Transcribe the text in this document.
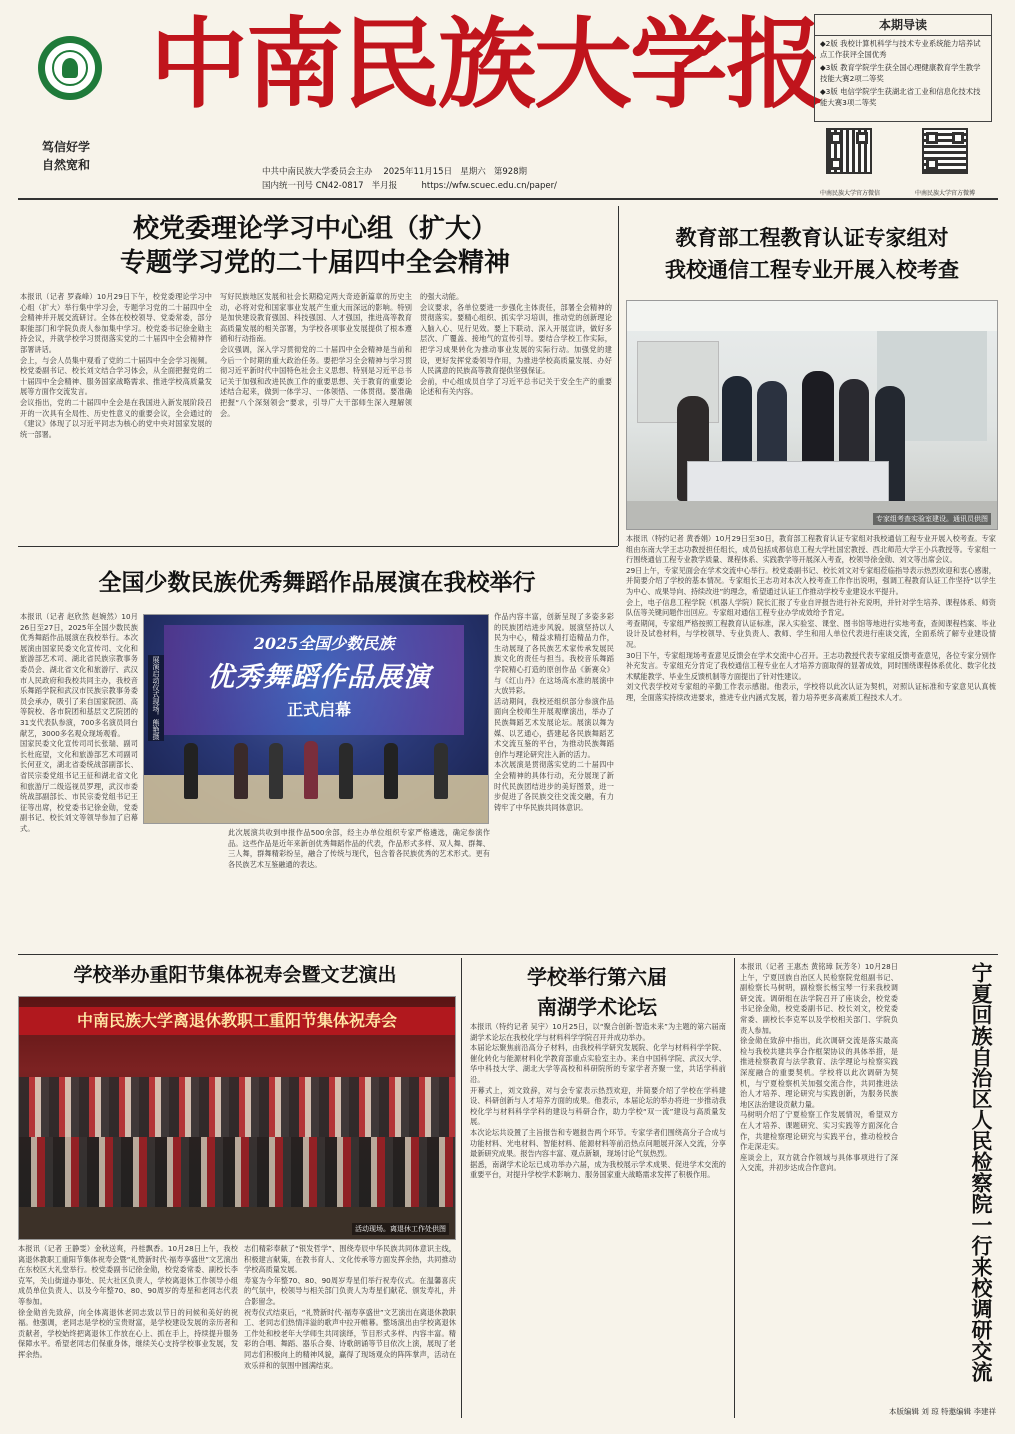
中南民族大学报
笃信好学
自然宽和	中共中南民族大学委员会主办 2025年11月15日 星期六 第928期
国内统一刊号 CN42-0817 半月报	https://wfw.scuec.edu.cn/paper/
本期导读
◆2版 我校计算机科学与技术专业系统能力培养试点工作获评全国优秀
◆3版 教育学院学生获全国心理健康教育学生教学技能大赛2项二等奖
◆3版 电信学院学生获湖北省工业和信息化技术技能大赛3项二等奖
中南民族大学官方微信	中南民族大学官方微博
校党委理论学习中心组（扩大）
专题学习党的二十届四中全会精神
本报讯（记者 罗森峰）10月29日下午，校党委理论学习中心组（扩大）举行集中学习会，专题学习党的二十届四中全会精神并开展交流研讨。全体在校校领导、党委常委，部分职能部门和学院负责人参加集中学习。校党委书记徐金勋主持会议，并就学校学习贯彻落实党的二十届四中全会精神作部署讲话。
会上，与会人员集中观看了党的二十届四中全会学习视频。校党委副书记、校长刘文结合学习体会，从全面把握党的二十届四中全会精神、服务国家战略需求、推进学校高质量发展等方面作交流发言。
会议指出，党的二十届四中全会是在我国进入新发展阶段召开的一次具有全局性、历史性意义的重要会议，全会通过的《建议》体现了以习近平同志为核心的党中央对国家发展的统一部署。
写好民族地区发展和社会长期稳定两大奇迹新篇章的历史主动，必将对党和国家事业发展产生重大而深远的影响。特别是加快建设教育强国、科技强国、人才强国，推进高等教育高质量发展的相关部署，为学校各项事业发展提供了根本遵循和行动指南。
会议强调，深入学习贯彻党的二十届四中全会精神是当前和今后一个时期的重大政治任务。要把学习全会精神与学习贯彻习近平新时代中国特色社会主义思想、特别是习近平总书记关于加强和改进民族工作的重要思想、关于教育的重要论述结合起来，做到一体学习、一体领悟、一体贯彻。要准确把握“八个深刻领会”要求，引导广大干部师生深入理解领会。
的强大动能。
会议要求，各单位要进一步强化主体责任，部署全会精神的贯彻落实。要精心组织、抓实学习培训，推动党的创新理论入脑入心、见行见效。要上下联动、深入开展宣讲，做好多层次、广覆盖、接地气的宣传引导。要结合学校工作实际，把学习成果转化为推动事业发展的实际行动。加强党的建设，更好发挥党委领导作用，为推进学校高质量发展、办好人民满意的民族高等教育提供坚强保证。
会前，中心组成员自学了习近平总书记关于安全生产的重要论述和有关内容。
教育部工程教育认证专家组对
我校通信工程专业开展入校考查
专家组考查实验室建设。通讯员供图
本报讯（特约记者 黄香娟）10月29日至30日，教育部工程教育认证专家组对我校通信工程专业开展入校考查。专家组由东南大学王志功教授担任组长，成员包括成都信息工程大学杜国宏教授、西北师范大学王小兵教授等。专家组一行围绕通信工程专业教学质量、课程体系、实践教学等开展深入考查，校领导徐金勋、刘文等出席会议。
29日上午，专家见面会在学术交流中心举行。校党委副书记、校长刘文对专家组莅临指导表示热烈欢迎和衷心感谢，并简要介绍了学校的基本情况。专家组长王志功对本次入校考查工作作出说明，强调工程教育认证工作坚持“以学生为中心、成果导向、持续改进”的理念，希望通过认证工作推动学校专业建设水平提升。
会上，电子信息工程学院（机器人学院）院长汇报了专业自评报告进行补充说明，并针对学生培养、课程体系、师资队伍等关键问题作出回应。专家组对通信工程专业办学成效给予肯定。
考查期间，专家组严格按照工程教育认证标准，深入实验室、课堂、图书馆等地进行实地考查，查阅课程档案、毕业设计及试卷材料，与学校领导、专业负责人、教师、学生和用人单位代表进行座谈交流，全面系统了解专业建设情况。
30日下午，专家组现场考查意见反馈会在学术交流中心召开。王志功教授代表专家组反馈考查意见，各位专家分别作补充发言。专家组充分肯定了我校通信工程专业在人才培养方面取得的显著成效，同时围绕课程体系优化、数字化技术赋能教学、毕业生反馈机制等方面提出了针对性建议。
刘文代表学校对专家组的辛勤工作表示感谢。他表示，学校将以此次认证为契机，对照认证标准和专家意见认真梳理，全面落实持续改进要求，推进专业内涵式发展，着力培养更多高素质工程技术人才。
全国少数民族优秀舞蹈作品展演在我校举行
本报讯（记者 赵欣然 赵婉然）10月26日至27日，2025年全国少数民族优秀舞蹈作品展演在我校举行。本次展演由国家民委文化宣传司、文化和旅游部艺术司、湖北省民族宗教事务委员会、湖北省文化和旅游厅、武汉市人民政府和我校共同主办，我校音乐舞蹈学院和武汉市民族宗教事务委员会承办，吸引了来自国家院团、高等院校、各市院团和基层文艺院团的31支代表队参演，700多名演员同台献艺，3000多名观众现场观看。
国家民委文化宣传司司长张瑞、副司长杜庭望，文化和旅游部艺术司副司长何亚文，湖北省委统战部副部长、省民宗委党组书记王征和湖北省文化和旅游厅二级巡视员罗理，武汉市委统战部副部长、市民宗委党组书记王征等出席，校党委书记徐金勋，党委副书记、校长刘文等领导参加了启幕式。
2025全国少数民族
优秀舞蹈作品展演
正式启幕
展演启动仪式现场。熊艳摄
此次展演共收到申报作品500余部，经主办单位组织专家严格遴选，确定参演作品。这些作品是近年来新创优秀舞蹈作品的代表，作品形式多样、双人舞、群舞、三人舞，群舞精彩纷呈，融合了传统与现代，包含着各民族优秀的艺术形式。更有各民族艺术互鉴融通的表达。
作品内容丰富，创新呈现了多姿多彩的民族团结进步风貌。展演坚持以人民为中心，精益求精打造精品力作，生动展现了各民族艺术家传承发展民族文化的责任与担当。我校音乐舞蹈学院精心打造的原创作品《新赛众》与《红山丹》在这场高水准的展演中大放异彩。
活动期间，我校还组织部分参演作品面向全校师生开展观摩演出，举办了民族舞蹈艺术发展论坛。展演以舞为媒、以艺通心，搭建起各民族舞蹈艺术交流互鉴的平台，为推动民族舞蹈创作与理论研究注入新的活力。
本次展演是贯彻落实党的二十届四中全会精神的具体行动，充分展现了新时代民族团结进步的美好图景，进一步促进了各民族交往交流交融，有力铸牢了中华民族共同体意识。
学校举办重阳节集体祝寿会暨文艺演出
中南民族大学离退休教职工重阳节集体祝寿会
活动现场。离退休工作处供图
本报讯（记者 王静雯）金秋送爽，丹桂飘香。10月28日上午，我校离退休教职工重阳节集体祝寿会暨“礼赞新时代·福寿享盛世”文艺演出在东校区大礼堂举行。校党委副书记徐金勋，校党委常委、副校长李克军，关山街道办事处、民大社区负责人，学校离退休工作领导小组成员单位负责人、以及今年整70、80、90周岁的寿星和老同志代表等参加。
徐金勋首先致辞，向全体离退休老同志致以节日的问候和美好的祝福。他强调，老同志是学校的宝贵财富，是学校建设发展的亲历者和贡献者，学校始终把离退休工作放在心上、抓在手上，持续提升服务保障水平。希望老同志们保重身体，继续关心支持学校事业发展，发挥余热。
志们精彩奉献了“银发哲学”、围绕寿辰中华民族共同体意识主线，积极建言献策，在教书育人、文化传承等方面发挥余热，共同推动学校高质量发展。
寿宴为今年整70、80、90周岁寿星们举行祝寿仪式。在温馨喜庆的气氛中，校领导与相关部门负责人为寿星们献花、颁发寿礼，并合影留念。
祝寿仪式结束后，“礼赞新时代·福寿享盛世”文艺演出在离退休教职工、老同志们热情洋溢的歌声中拉开帷幕。整场演出由学校离退休工作处和校老年大学师生共同演绎，节目形式多样、内容丰富。精彩的合唱、舞蹈、器乐合奏、诗歌朗诵等节目依次上演，展现了老同志们积极向上的精神风貌，赢得了现场观众的阵阵掌声，活动在欢乐祥和的氛围中圆满结束。
学校举行第六届
南湖学术论坛
本报讯（特约记者 吴宇）10月25日，以“聚合创新·智造未来”为主题的第六届南湖学术论坛在我校化学与材料科学学院召开并成功举办。
本届论坛聚焦前沿高分子材料，由我校科学研究发展院、化学与材料科学学院、催化转化与能源材料化学教育部重点实验室主办。来自中国科学院、武汉大学、华中科技大学、湖北大学等高校和科研院所的专家学者齐聚一堂，共话学科前沿。
开幕式上，刘文致辞，对与会专家表示热烈欢迎，并简要介绍了学校在学科建设、科研创新与人才培养方面的成果。他表示，本届论坛的举办将进一步推动我校化学与材料科学学科的建设与科研合作，助力学校“双一流”建设与高质量发展。
本次论坛共设置了主旨报告和专题报告两个环节。专家学者们围绕高分子合成与功能材料、光电材料、智能材料、能源材料等前沿热点问题展开深入交流，分享最新研究成果。报告内容丰富、观点新颖，现场讨论气氛热烈。
据悉，南湖学术论坛已成功举办六届，成为我校展示学术成果、促进学术交流的重要平台，对提升学校学术影响力、服务国家重大战略需求发挥了积极作用。
本报讯（记者 王惠杰 黄铭璋 阮芳冬）10月28日上午，宁夏回族自治区人民检察院党组副书记、副检察长马树明，副检察长杨宝琴一行来我校调研交流。调研组在法学院召开了座谈会，校党委书记徐金勋，校党委副书记、校长刘文，校党委常委、副校长李克军以及学校相关部门、学院负责人参加。
徐金勋在致辞中指出，此次调研交流是落实最高检与我校共建共享合作框架协议的具体举措，是推进检察教育与法学教育、法学理论与检察实践深度融合的重要契机。学校将以此次调研为契机，与宁夏检察机关加强交流合作，共同推进法治人才培养、理论研究与实践创新，为服务民族地区法治建设贡献力量。
马树明介绍了宁夏检察工作发展情况，希望双方在人才培养、课题研究、实习实践等方面深化合作，共建检察理论研究与实践平台，推动检校合作走深走实。
座谈会上，双方就合作领域与具体事项进行了深入交流，并初步达成合作意向。	宁夏回族自治区人民检察院一行来校调研交流
本版编辑 刘 琼 特邀编辑 李建祥
